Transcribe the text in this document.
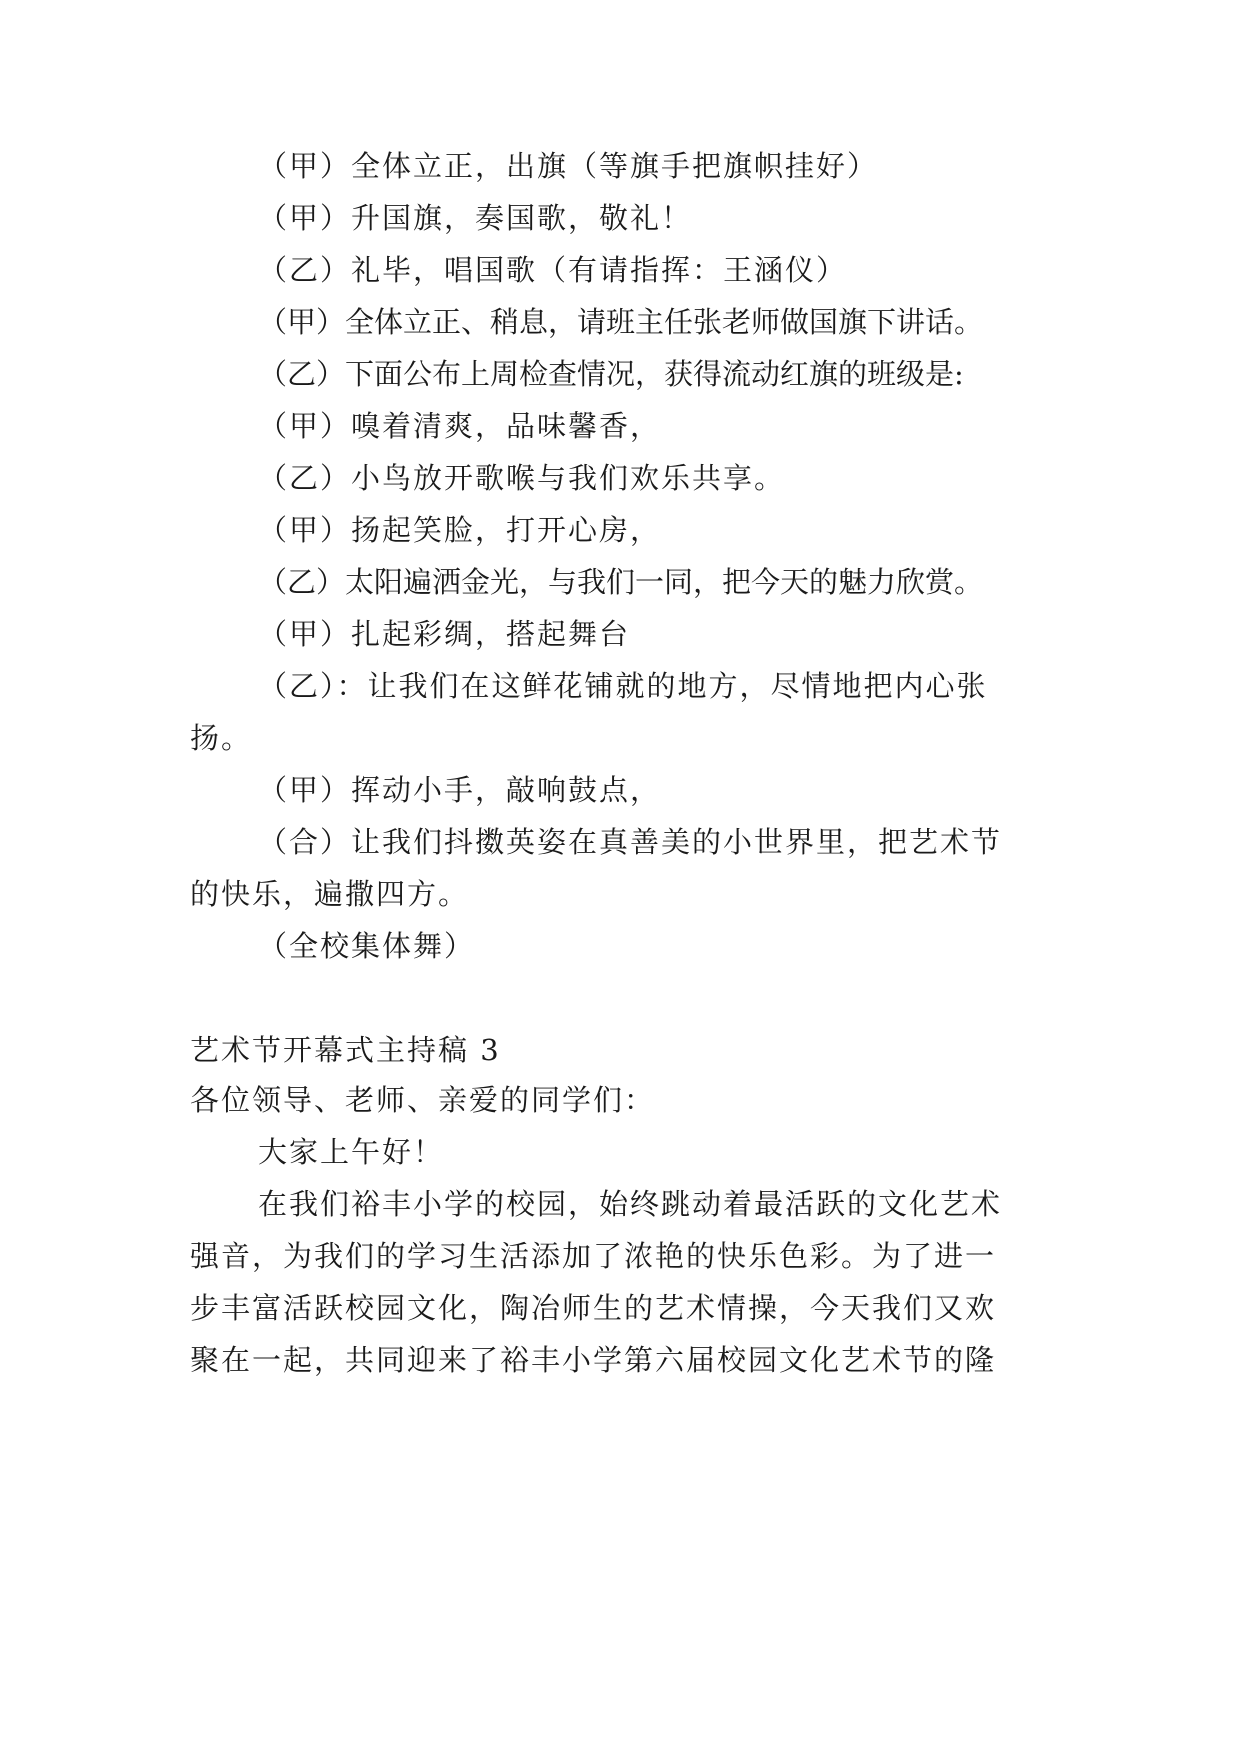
（甲）全体立正，出旗（等旗手把旗帜挂好）
（甲）升国旗，奏国歌，敬礼！
（乙）礼毕，唱国歌（有请指挥：王涵仪）
（甲）全体立正、稍息，请班主任张老师做国旗下讲话。
（乙）下面公布上周检查情况，获得流动红旗的班级是:
（甲）嗅着清爽，品味馨香，
（乙）小鸟放开歌喉与我们欢乐共享。
（甲）扬起笑脸，打开心房，
（乙）太阳遍洒金光，与我们一同，把今天的魅力欣赏。
（甲）扎起彩绸，搭起舞台
（乙）：让我们在这鲜花铺就的地方，尽情地把内心张
扬。
（甲）挥动小手，敲响鼓点，
（合）让我们抖擞英姿在真善美的小世界里，把艺术节
的快乐，遍撒四方。
（全校集体舞）
艺术节开幕式主持稿 3
各位领导、老师、亲爱的同学们：
大家上午好！
在我们裕丰小学的校园，始终跳动着最活跃的文化艺术
强音，为我们的学习生活添加了浓艳的快乐色彩。为了进一
步丰富活跃校园文化，陶冶师生的艺术情操，今天我们又欢
聚在一起，共同迎来了裕丰小学第六届校园文化艺术节的隆
